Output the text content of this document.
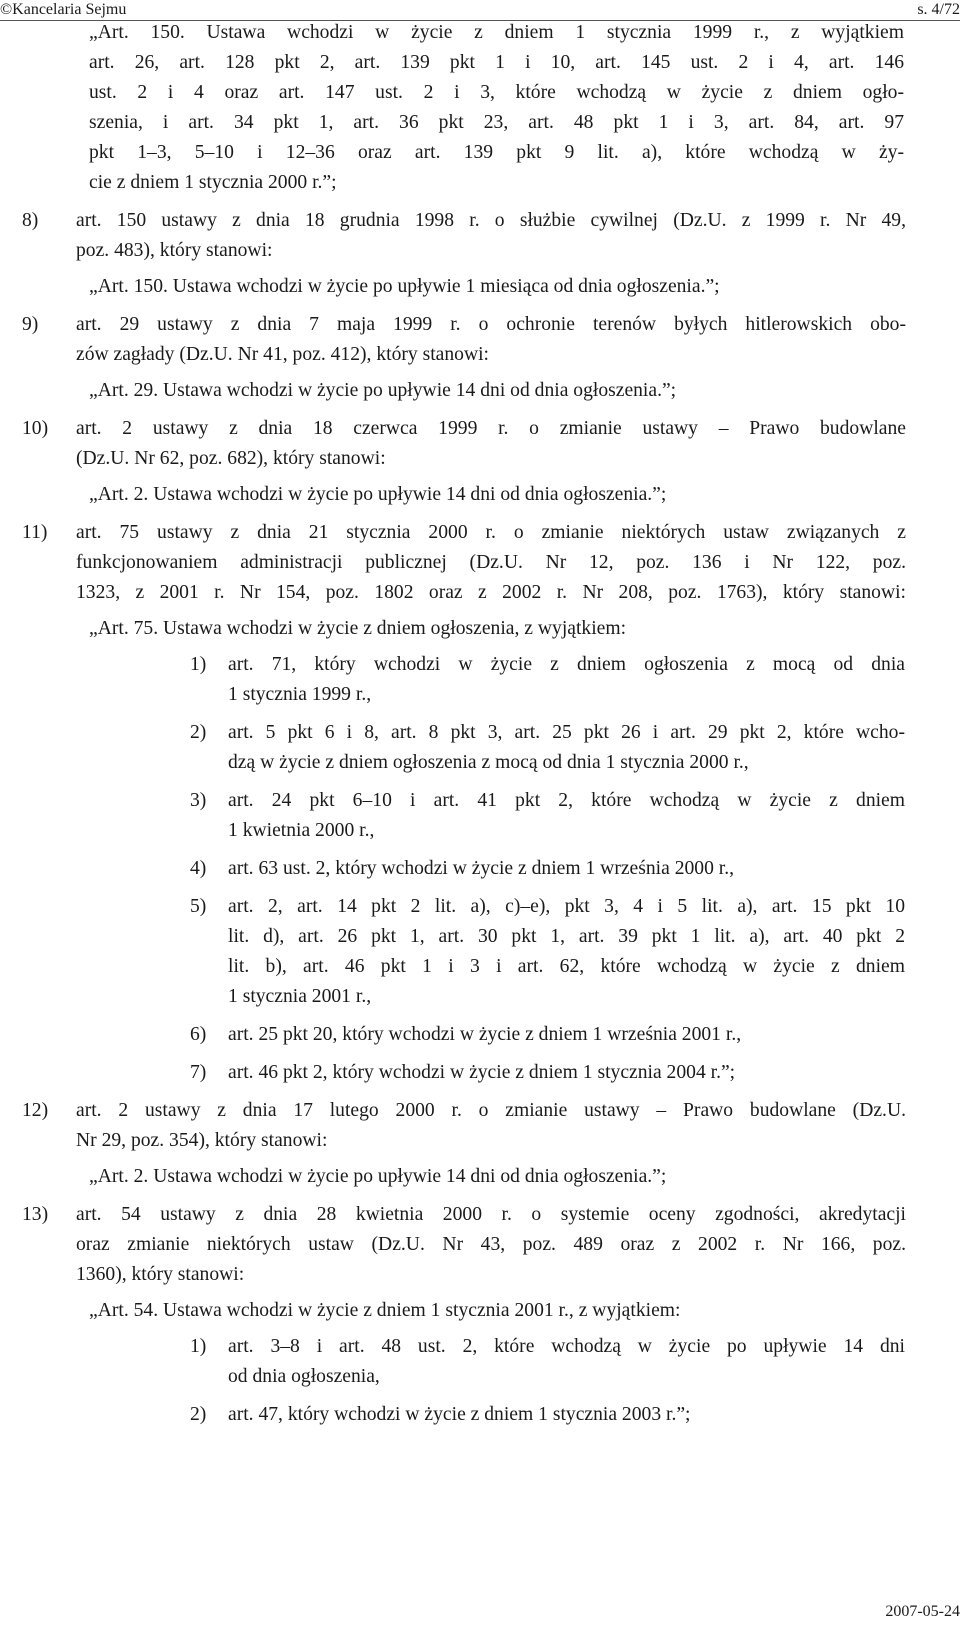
©Kancelaria Sejmu	s. 4/72
„Art. 150. Ustawa wchodzi w życie z dniem 1 stycznia 1999 r., z wyjątkiem
art. 26, art. 128 pkt 2, art. 139 pkt 1 i 10, art. 145 ust. 2 i 4, art. 146
ust. 2 i 4 oraz art. 147 ust. 2 i 3, które wchodzą w życie z dniem ogło-
szenia, i art. 34 pkt 1, art. 36 pkt 23, art. 48 pkt 1 i 3, art. 84, art. 97
pkt 1–3, 5–10 i 12–36 oraz art. 139 pkt 9 lit. a), które wchodzą w ży-
cie z dniem 1 stycznia 2000 r.”;
8) art. 150 ustawy z dnia 18 grudnia 1998 r. o służbie cywilnej (Dz.U. z 1999 r. Nr 49,
poz. 483), który stanowi:
„Art. 150. Ustawa wchodzi w życie po upływie 1 miesiąca od dnia ogłoszenia.”;
9) art. 29 ustawy z dnia 7 maja 1999 r. o ochronie terenów byłych hitlerowskich obo-
zów zagłady (Dz.U. Nr 41, poz. 412), który stanowi:
„Art. 29. Ustawa wchodzi w życie po upływie 14 dni od dnia ogłoszenia.”;
10) art. 2 ustawy z dnia 18 czerwca 1999 r. o zmianie ustawy – Prawo budowlane
(Dz.U. Nr 62, poz. 682), który stanowi:
„Art. 2. Ustawa wchodzi w życie po upływie 14 dni od dnia ogłoszenia.”;
11) art. 75 ustawy z dnia 21 stycznia 2000 r. o zmianie niektórych ustaw związanych z
funkcjonowaniem administracji publicznej (Dz.U. Nr 12, poz. 136 i Nr 122, poz.
1323, z 2001 r. Nr 154, poz. 1802 oraz z 2002 r. Nr 208, poz. 1763), który stanowi:
„Art. 75. Ustawa wchodzi w życie z dniem ogłoszenia, z wyjątkiem:
1) art. 71, który wchodzi w życie z dniem ogłoszenia z mocą od dnia
1 stycznia 1999 r.,
2) art. 5 pkt 6 i 8, art. 8 pkt 3, art. 25 pkt 26 i art. 29 pkt 2, które wcho-
dzą w życie z dniem ogłoszenia z mocą od dnia 1 stycznia 2000 r.,
3) art. 24 pkt 6–10 i art. 41 pkt 2, które wchodzą w życie z dniem
1 kwietnia 2000 r.,
4) art. 63 ust. 2, który wchodzi w życie z dniem 1 września 2000 r.,
5) art. 2, art. 14 pkt 2 lit. a), c)–e), pkt 3, 4 i 5 lit. a), art. 15 pkt 10
lit. d), art. 26 pkt 1, art. 30 pkt 1, art. 39 pkt 1 lit. a), art. 40 pkt 2
lit. b), art. 46 pkt 1 i 3 i art. 62, które wchodzą w życie z dniem
1 stycznia 2001 r.,
6) art. 25 pkt 20, który wchodzi w życie z dniem 1 września 2001 r.,
7) art. 46 pkt 2, który wchodzi w życie z dniem 1 stycznia 2004 r.”;
12) art. 2 ustawy z dnia 17 lutego 2000 r. o zmianie ustawy – Prawo budowlane (Dz.U.
Nr 29, poz. 354), który stanowi:
„Art. 2. Ustawa wchodzi w życie po upływie 14 dni od dnia ogłoszenia.”;
13) art. 54 ustawy z dnia 28 kwietnia 2000 r. o systemie oceny zgodności, akredytacji
oraz zmianie niektórych ustaw (Dz.U. Nr 43, poz. 489 oraz z 2002 r. Nr 166, poz.
1360), który stanowi:
„Art. 54. Ustawa wchodzi w życie z dniem 1 stycznia 2001 r., z wyjątkiem:
1) art. 3–8 i art. 48 ust. 2, które wchodzą w życie po upływie 14 dni
od dnia ogłoszenia,
2) art. 47, który wchodzi w życie z dniem 1 stycznia 2003 r.”;
2007-05-24
